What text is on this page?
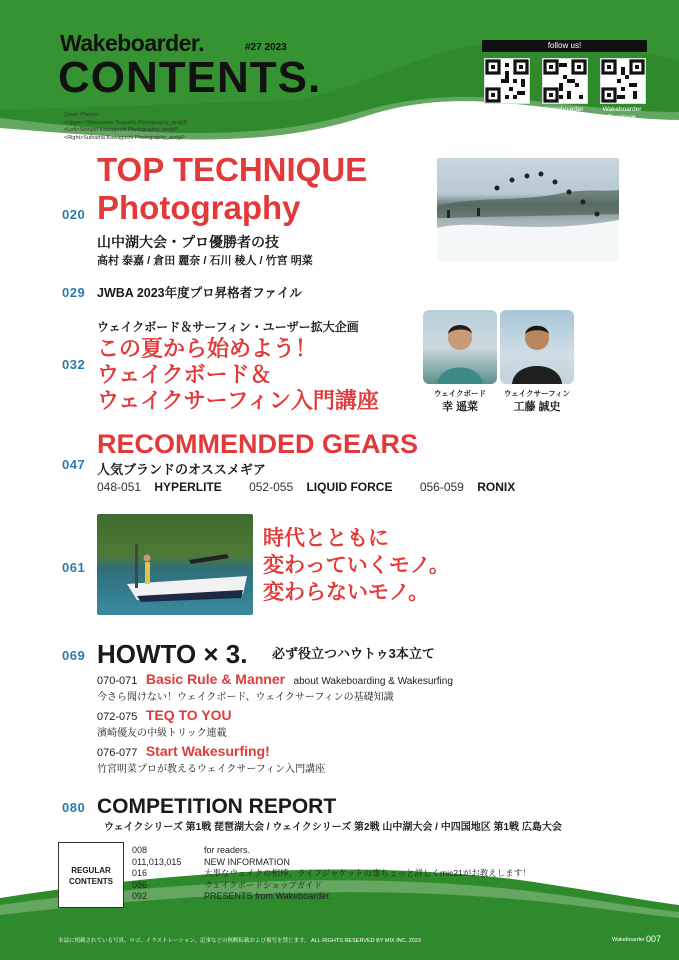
Wakeboarder.	#27 2023
CONTENTS.
Cover Photos:
<Upper>Shinnosuke Noguchi Photography_andyP
<Left>Shinpei Kawaguchi Photography_andyP
<Right>Suihama Kawaguchi Photography_andyP
follow us!
Wakeboarder
Online
Wakeboarder
INSTAGRAM
Wakeboarder
Facebook
020
TOP TECHNIQUE
Photography
山中湖大会・プロ優勝者の技
高村 泰嘉 / 倉田 麗奈 / 石川 稜人 / 竹宮 明菜
029 JWBA 2023年度プロ昇格者ファイル
ウェイクボード＆サーフィン・ユーザー拡大企画
032
この夏から始めよう！
ウェイクボード＆
ウェイクサーフィン入門講座	ウェイクボード
幸 遥菜
ウェイクサーフィン
工藤 誠史
RECOMMENDED GEARS
047 人気ブランドのオススメギア
048-051 HYPERLITE 052-055 LIQUID FORCE 056-059 RONIX
061
時代とともに
変わっていくモノ。
変わらないモノ。
069 HOWTO × 3. 必ず役立つハウトゥ3本立て
070-071 Basic Rule & Manner about Wakeboarding & Wakesurfing
今さら聞けない！ウェイクボード、ウェイクサーフィンの基礎知識
072-075 TEQ TO YOU
濱崎優友の中級トリック連載
076-077 Start Wakesurfing!
竹宮明菜プロが教えるウェイクサーフィン入門講座
080 COMPETITION REPORT
ウェイクシリーズ 第1戦 琵琶湖大会 / ウェイクシリーズ 第2戦 山中湖大会 / 中四国地区 第1戦 広島大会
REGULAR
CONTENTS
008	for readers.
011,013,015	NEW INFORMATION
016	大事なウェイクの相棒、ライフジャケットの事ちょっと詳しくmic21がお教えします！
086	ウェイクボードショップガイド
092	PRESENTS from Wakeboarder.
本誌に掲載されている写真、ロゴ、イラストレーション、記事などの無断転載および複写を禁じます。 ALL RIGHTS RESERVED BY MIX INC. 2023	Wakeboarder 007
